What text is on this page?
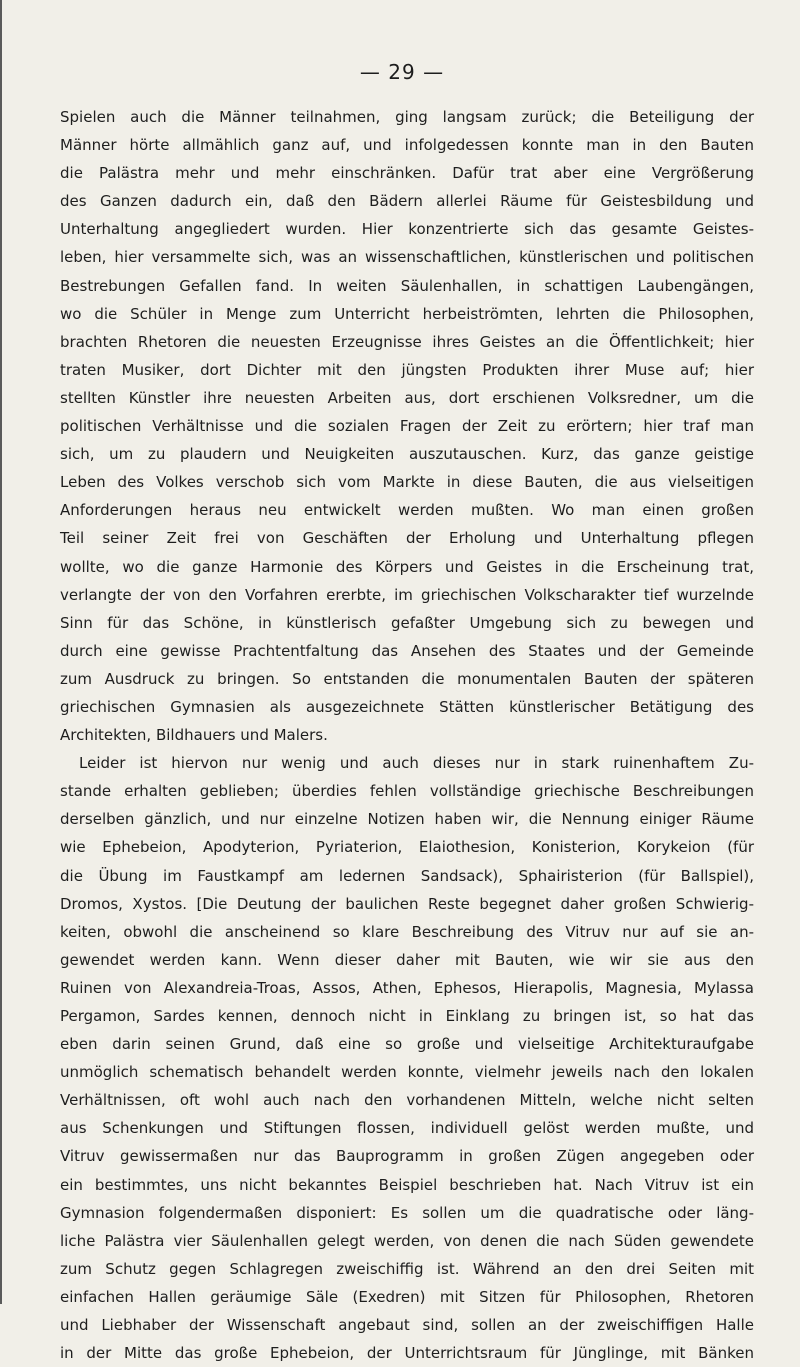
— 29 —
Spielen auch die Männer teilnahmen, ging langsam zurück; die Beteiligung der
Männer hörte allmählich ganz auf, und infolgedessen konnte man in den Bauten
die Palästra mehr und mehr einschränken. Dafür trat aber eine Vergrößerung
des Ganzen dadurch ein, daß den Bädern allerlei Räume für Geistesbildung und
Unterhaltung angegliedert wurden. Hier konzentrierte sich das gesamte Geistes-
leben, hier versammelte sich, was an wissenschaftlichen, künstlerischen und politischen
Bestrebungen Gefallen fand. In weiten Säulenhallen, in schattigen Laubengängen,
wo die Schüler in Menge zum Unterricht herbeiströmten, lehrten die Philosophen,
brachten Rhetoren die neuesten Erzeugnisse ihres Geistes an die Öffentlichkeit; hier
traten Musiker, dort Dichter mit den jüngsten Produkten ihrer Muse auf; hier
stellten Künstler ihre neuesten Arbeiten aus, dort erschienen Volksredner, um die
politischen Verhältnisse und die sozialen Fragen der Zeit zu erörtern; hier traf man
sich, um zu plaudern und Neuigkeiten auszutauschen. Kurz, das ganze geistige
Leben des Volkes verschob sich vom Markte in diese Bauten, die aus vielseitigen
Anforderungen heraus neu entwickelt werden mußten. Wo man einen großen
Teil seiner Zeit frei von Geschäften der Erholung und Unterhaltung pflegen
wollte, wo die ganze Harmonie des Körpers und Geistes in die Erscheinung trat,
verlangte der von den Vorfahren ererbte, im griechischen Volkscharakter tief wurzelnde
Sinn für das Schöne, in künstlerisch gefaßter Umgebung sich zu bewegen und
durch eine gewisse Prachtentfaltung das Ansehen des Staates und der Gemeinde
zum Ausdruck zu bringen. So entstanden die monumentalen Bauten der späteren
griechischen Gymnasien als ausgezeichnete Stätten künstlerischer Betätigung des
Architekten, Bildhauers und Malers.
Leider ist hiervon nur wenig und auch dieses nur in stark ruinenhaftem Zu-
stande erhalten geblieben; überdies fehlen vollständige griechische Beschreibungen
derselben gänzlich, und nur einzelne Notizen haben wir, die Nennung einiger Räume
wie Ephebeion, Apodyterion, Pyriaterion, Elaiothesion, Konisterion, Korykeion (für
die Übung im Faustkampf am ledernen Sandsack), Sphairisterion (für Ballspiel),
Dromos, Xystos. [Die Deutung der baulichen Reste begegnet daher großen Schwierig-
keiten, obwohl die anscheinend so klare Beschreibung des Vitruv nur auf sie an-
gewendet werden kann. Wenn dieser daher mit Bauten, wie wir sie aus den
Ruinen von Alexandreia-Troas, Assos, Athen, Ephesos, Hierapolis, Magnesia, Mylassa
Pergamon, Sardes kennen, dennoch nicht in Einklang zu bringen ist, so hat das
eben darin seinen Grund, daß eine so große und vielseitige Architekturaufgabe
unmöglich schematisch behandelt werden konnte, vielmehr jeweils nach den lokalen
Verhältnissen, oft wohl auch nach den vorhandenen Mitteln, welche nicht selten
aus Schenkungen und Stiftungen flossen, individuell gelöst werden mußte, und
Vitruv gewissermaßen nur das Bauprogramm in großen Zügen angegeben oder
ein bestimmtes, uns nicht bekanntes Beispiel beschrieben hat. Nach Vitruv ist ein
Gymnasion folgendermaßen disponiert: Es sollen um die quadratische oder läng-
liche Palästra vier Säulenhallen gelegt werden, von denen die nach Süden gewendete
zum Schutz gegen Schlagregen zweischiffig ist. Während an den drei Seiten mit
einfachen Hallen geräumige Säle (Exedren) mit Sitzen für Philosophen, Rhetoren
und Liebhaber der Wissenschaft angebaut sind, sollen an der zweischiffigen Halle
in der Mitte das große Ephebeion, der Unterrichtsraum für Jünglinge, mit Bänken
